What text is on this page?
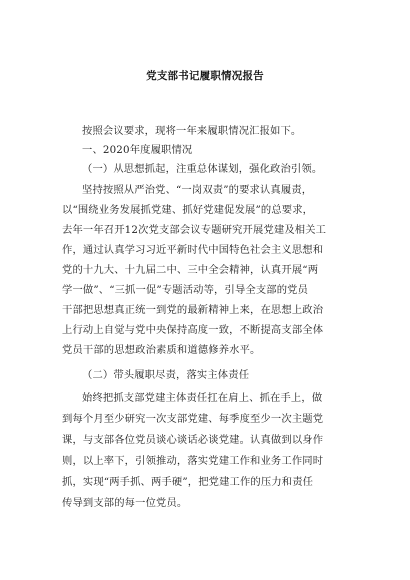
党支部书记履职情况报告
按照会议要求，现将一年来履职情况汇报如下。
一、2020年度履职情况
（一）从思想抓起，注重总体谋划，强化政治引领。
坚持按照从严治党、“一岗双责”的要求认真履责，
以“围绕业务发展抓党建、抓好党建促发展”的总要求，
去年一年召开12次党支部会议专题研究开展党建及相关工
作，通过认真学习习近平新时代中国特色社会主义思想和
党的十九大、十九届二中、三中全会精神，认真开展“两
学一做”、“三抓一促”专题活动等，引导全支部的党员
干部把思想真正统一到党的最新精神上来，在思想上政治
上行动上自觉与党中央保持高度一致，不断提高支部全体
党员干部的思想政治素质和道德修养水平。
（二）带头履职尽责，落实主体责任
始终把抓支部党建主体责任扛在肩上、抓在手上，做
到每个月至少研究一次支部党建、每季度至少一次主题党
课，与支部各位党员谈心谈话必谈党建。认真做到以身作
则，以上率下，引领推动，落实党建工作和业务工作同时
抓，实现“两手抓、两手硬”，把党建工作的压力和责任
传导到支部的每一位党员。
